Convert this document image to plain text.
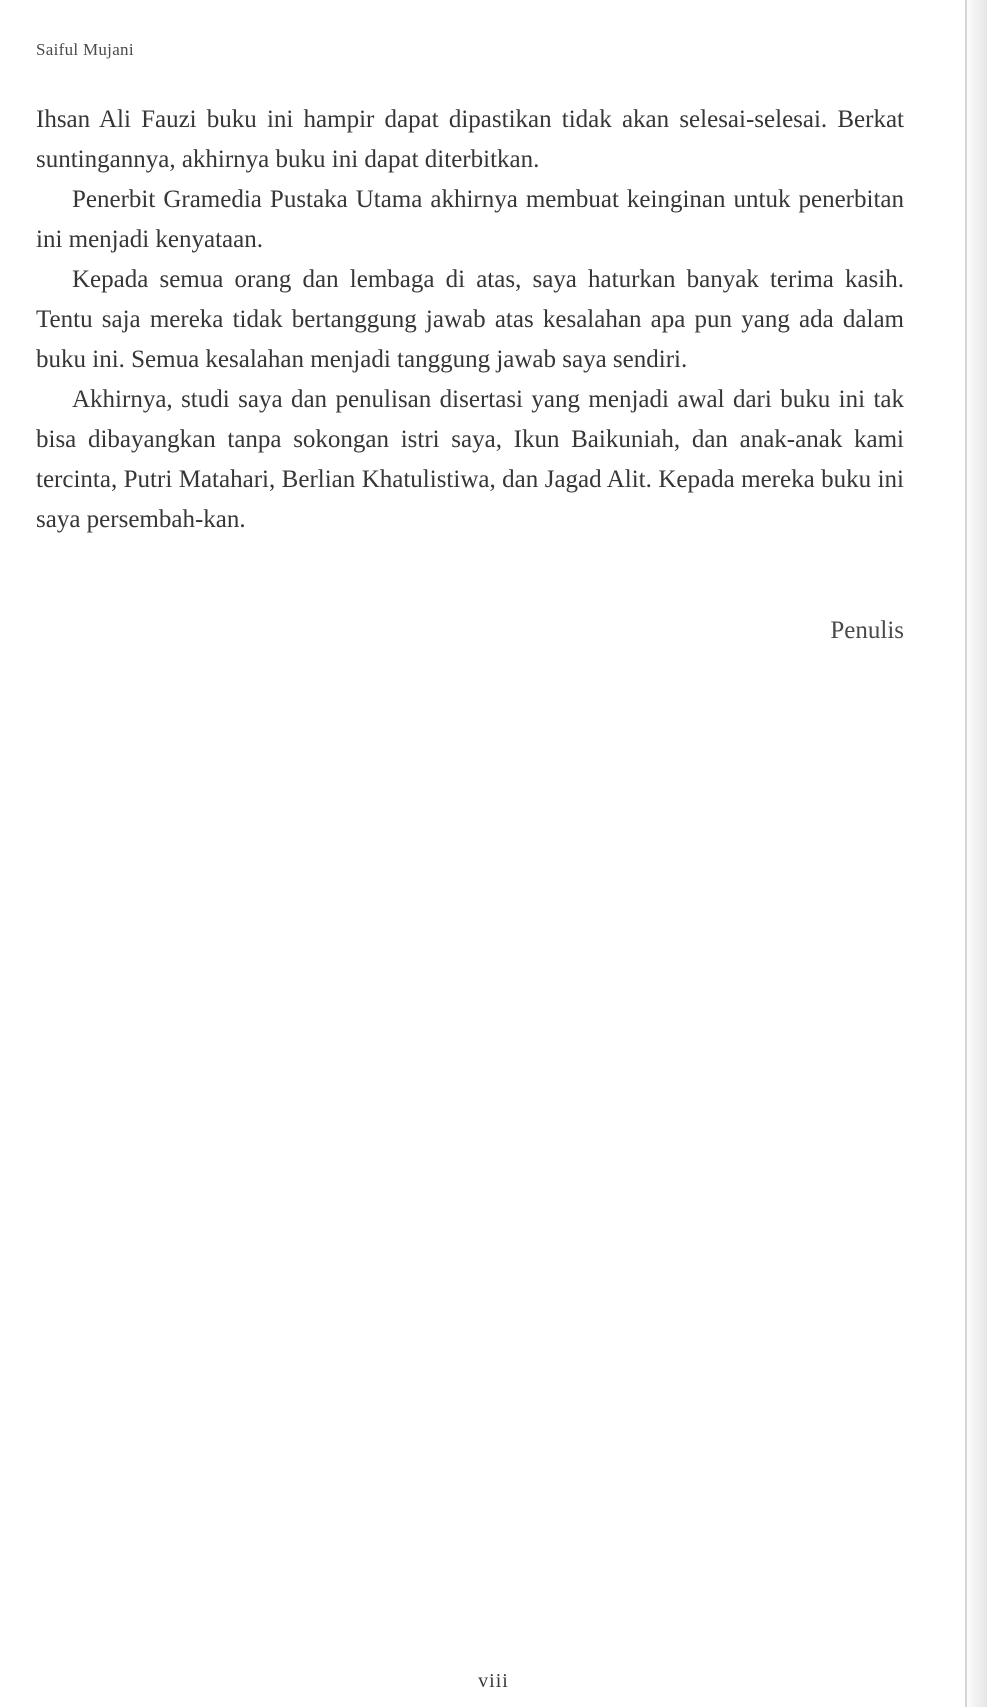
Saiful Mujani

Ihsan Ali Fauzi buku ini hampir dapat dipastikan tidak akan selesai-selesai. Berkat suntingannya, akhirnya buku ini dapat diterbitkan.

Penerbit Gramedia Pustaka Utama akhirnya membuat keinginan untuk penerbitan ini menjadi kenyataan.

Kepada semua orang dan lembaga di atas, saya haturkan banyak terima kasih. Tentu saja mereka tidak bertanggung jawab atas kesalahan apa pun yang ada dalam buku ini. Semua kesalahan menjadi tanggung jawab saya sendiri.

Akhirnya, studi saya dan penulisan disertasi yang menjadi awal dari buku ini tak bisa dibayangkan tanpa sokongan istri saya, Ikun Baikuniah, dan anak-anak kami tercinta, Putri Matahari, Berlian Khatulistiwa, dan Jagad Alit. Kepada mereka buku ini saya persembah-kan.

Penulis
viii
